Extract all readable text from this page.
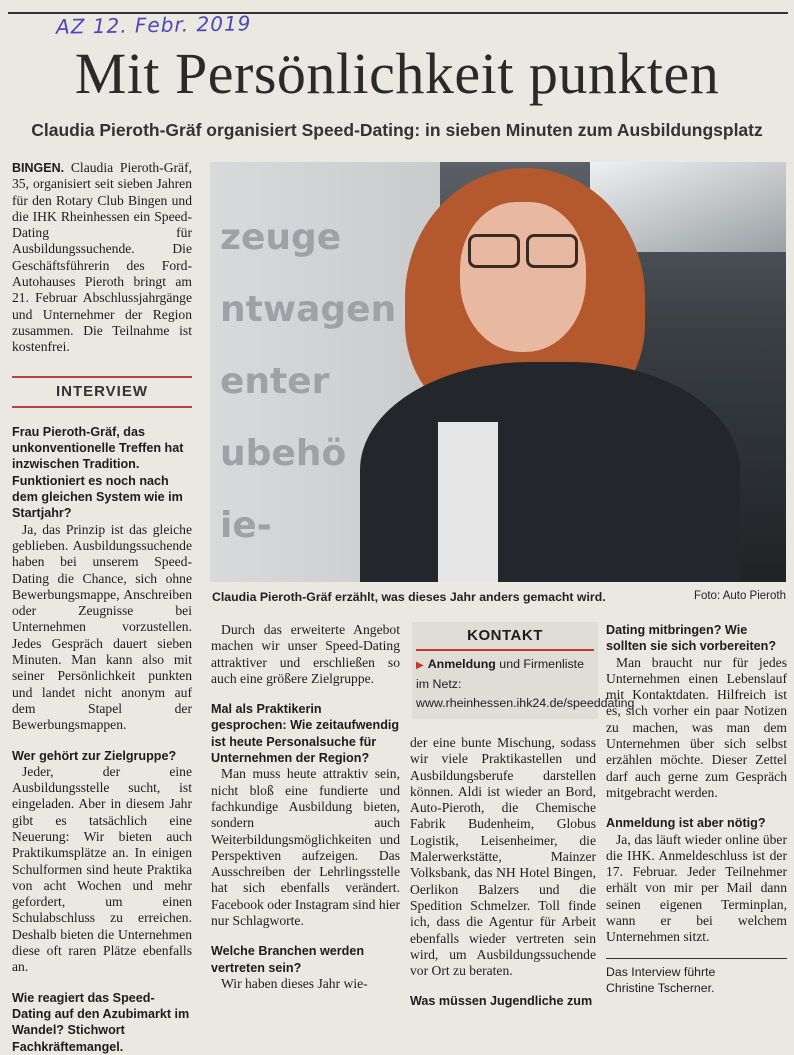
AZ 12. Febr. 2019
Mit Persönlichkeit punkten
Claudia Pieroth-Gräf organisiert Speed-Dating: in sieben Minuten zum Ausbildungsplatz

BINGEN. Claudia Pieroth-Gräf, 35, organisiert seit sieben Jahren für den Rotary Club Bingen und die IHK Rheinhessen ein Speed-Dating für Ausbildungssuchende. Die Geschäftsführerin des Ford-Autohauses Pieroth bringt am 21. Februar Abschlussjahrgänge und Unternehmer der Region zusammen. Die Teilnahme ist kostenfrei.

INTERVIEW
Frau Pieroth-Gräf, das unkonventionelle Treffen hat inzwischen Tradition. Funktioniert es noch nach dem gleichen System wie im Startjahr?

Ja, das Prinzip ist das gleiche geblieben. Ausbildungssuchende haben bei unserem Speed-Dating die Chance, sich ohne Bewerbungsmappe, Anschreiben oder Zeugnisse bei Unternehmen vorzustellen. Jedes Gespräch dauert sieben Minuten. Man kann also mit seiner Persönlichkeit punkten und landet nicht anonym auf dem Stapel der Bewerbungsmappen.

Wer gehört zur Zielgruppe?

Jeder, der eine Ausbildungsstelle sucht, ist eingeladen. Aber in diesem Jahr gibt es tatsächlich eine Neuerung: Wir bieten auch Praktikumsplätze an. In einigen Schulformen sind heute Praktika von acht Wochen und mehr gefordert, um einen Schulabschluss zu erreichen. Deshalb bieten die Unternehmen diese oft raren Plätze ebenfalls an.

Wie reagiert das Speed-Dating auf den Azubimarkt im Wandel? Stichwort Fachkräftemangel.
zeuge
ntwagen
enter
ubehö
ie-
Claudia Pieroth-Gräf erzählt, was dieses Jahr anders gemacht wird.	Foto: Auto Pieroth

Durch das erweiterte Angebot machen wir unser Speed-Dating attraktiver und erschließen so auch eine größere Zielgruppe.

Mal als Praktikerin gesprochen: Wie zeitaufwendig ist heute Personalsuche für Unternehmen der Region?

Man muss heute attraktiv sein, nicht bloß eine fundierte und fachkundige Ausbildung bieten, sondern auch Weiterbildungsmöglichkeiten und Perspektiven aufzeigen. Das Ausschreiben der Lehrlingsstelle hat sich ebenfalls verändert. Facebook oder Instagram sind hier nur Schlagworte.

Welche Branchen werden vertreten sein?

Wir haben dieses Jahr wie-

KONTAKT
▶ Anmeldung und Firmenliste im Netz: www.rheinhessen.ihk24.de/speeddating

der eine bunte Mischung, sodass wir viele Praktikastellen und Ausbildungsberufe darstellen können. Aldi ist wieder an Bord, Auto-Pieroth, die Chemische Fabrik Budenheim, Globus Logistik, Leisenheimer, die Malerwerkstätte, Mainzer Volksbank, das NH Hotel Bingen, Oerlikon Balzers und die Spedition Schmelzer. Toll finde ich, dass die Agentur für Arbeit ebenfalls wieder vertreten sein wird, um Ausbildungssuchende vor Ort zu beraten.

Was müssen Jugendliche zum
Dating mitbringen? Wie sollten sie sich vorbereiten?

Man braucht nur für jedes Unternehmen einen Lebenslauf mit Kontaktdaten. Hilfreich ist es, sich vorher ein paar Notizen zu machen, was man dem Unternehmen über sich selbst erzählen möchte. Dieser Zettel darf auch gerne zum Gespräch mitgebracht werden.

Anmeldung ist aber nötig?

Ja, das läuft wieder online über die IHK. Anmeldeschluss ist der 17. Februar. Jeder Teilnehmer erhält von mir per Mail dann seinen eigenen Terminplan, wann er bei welchem Unternehmen sitzt.

Das Interview führte
Christine Tscherner.
